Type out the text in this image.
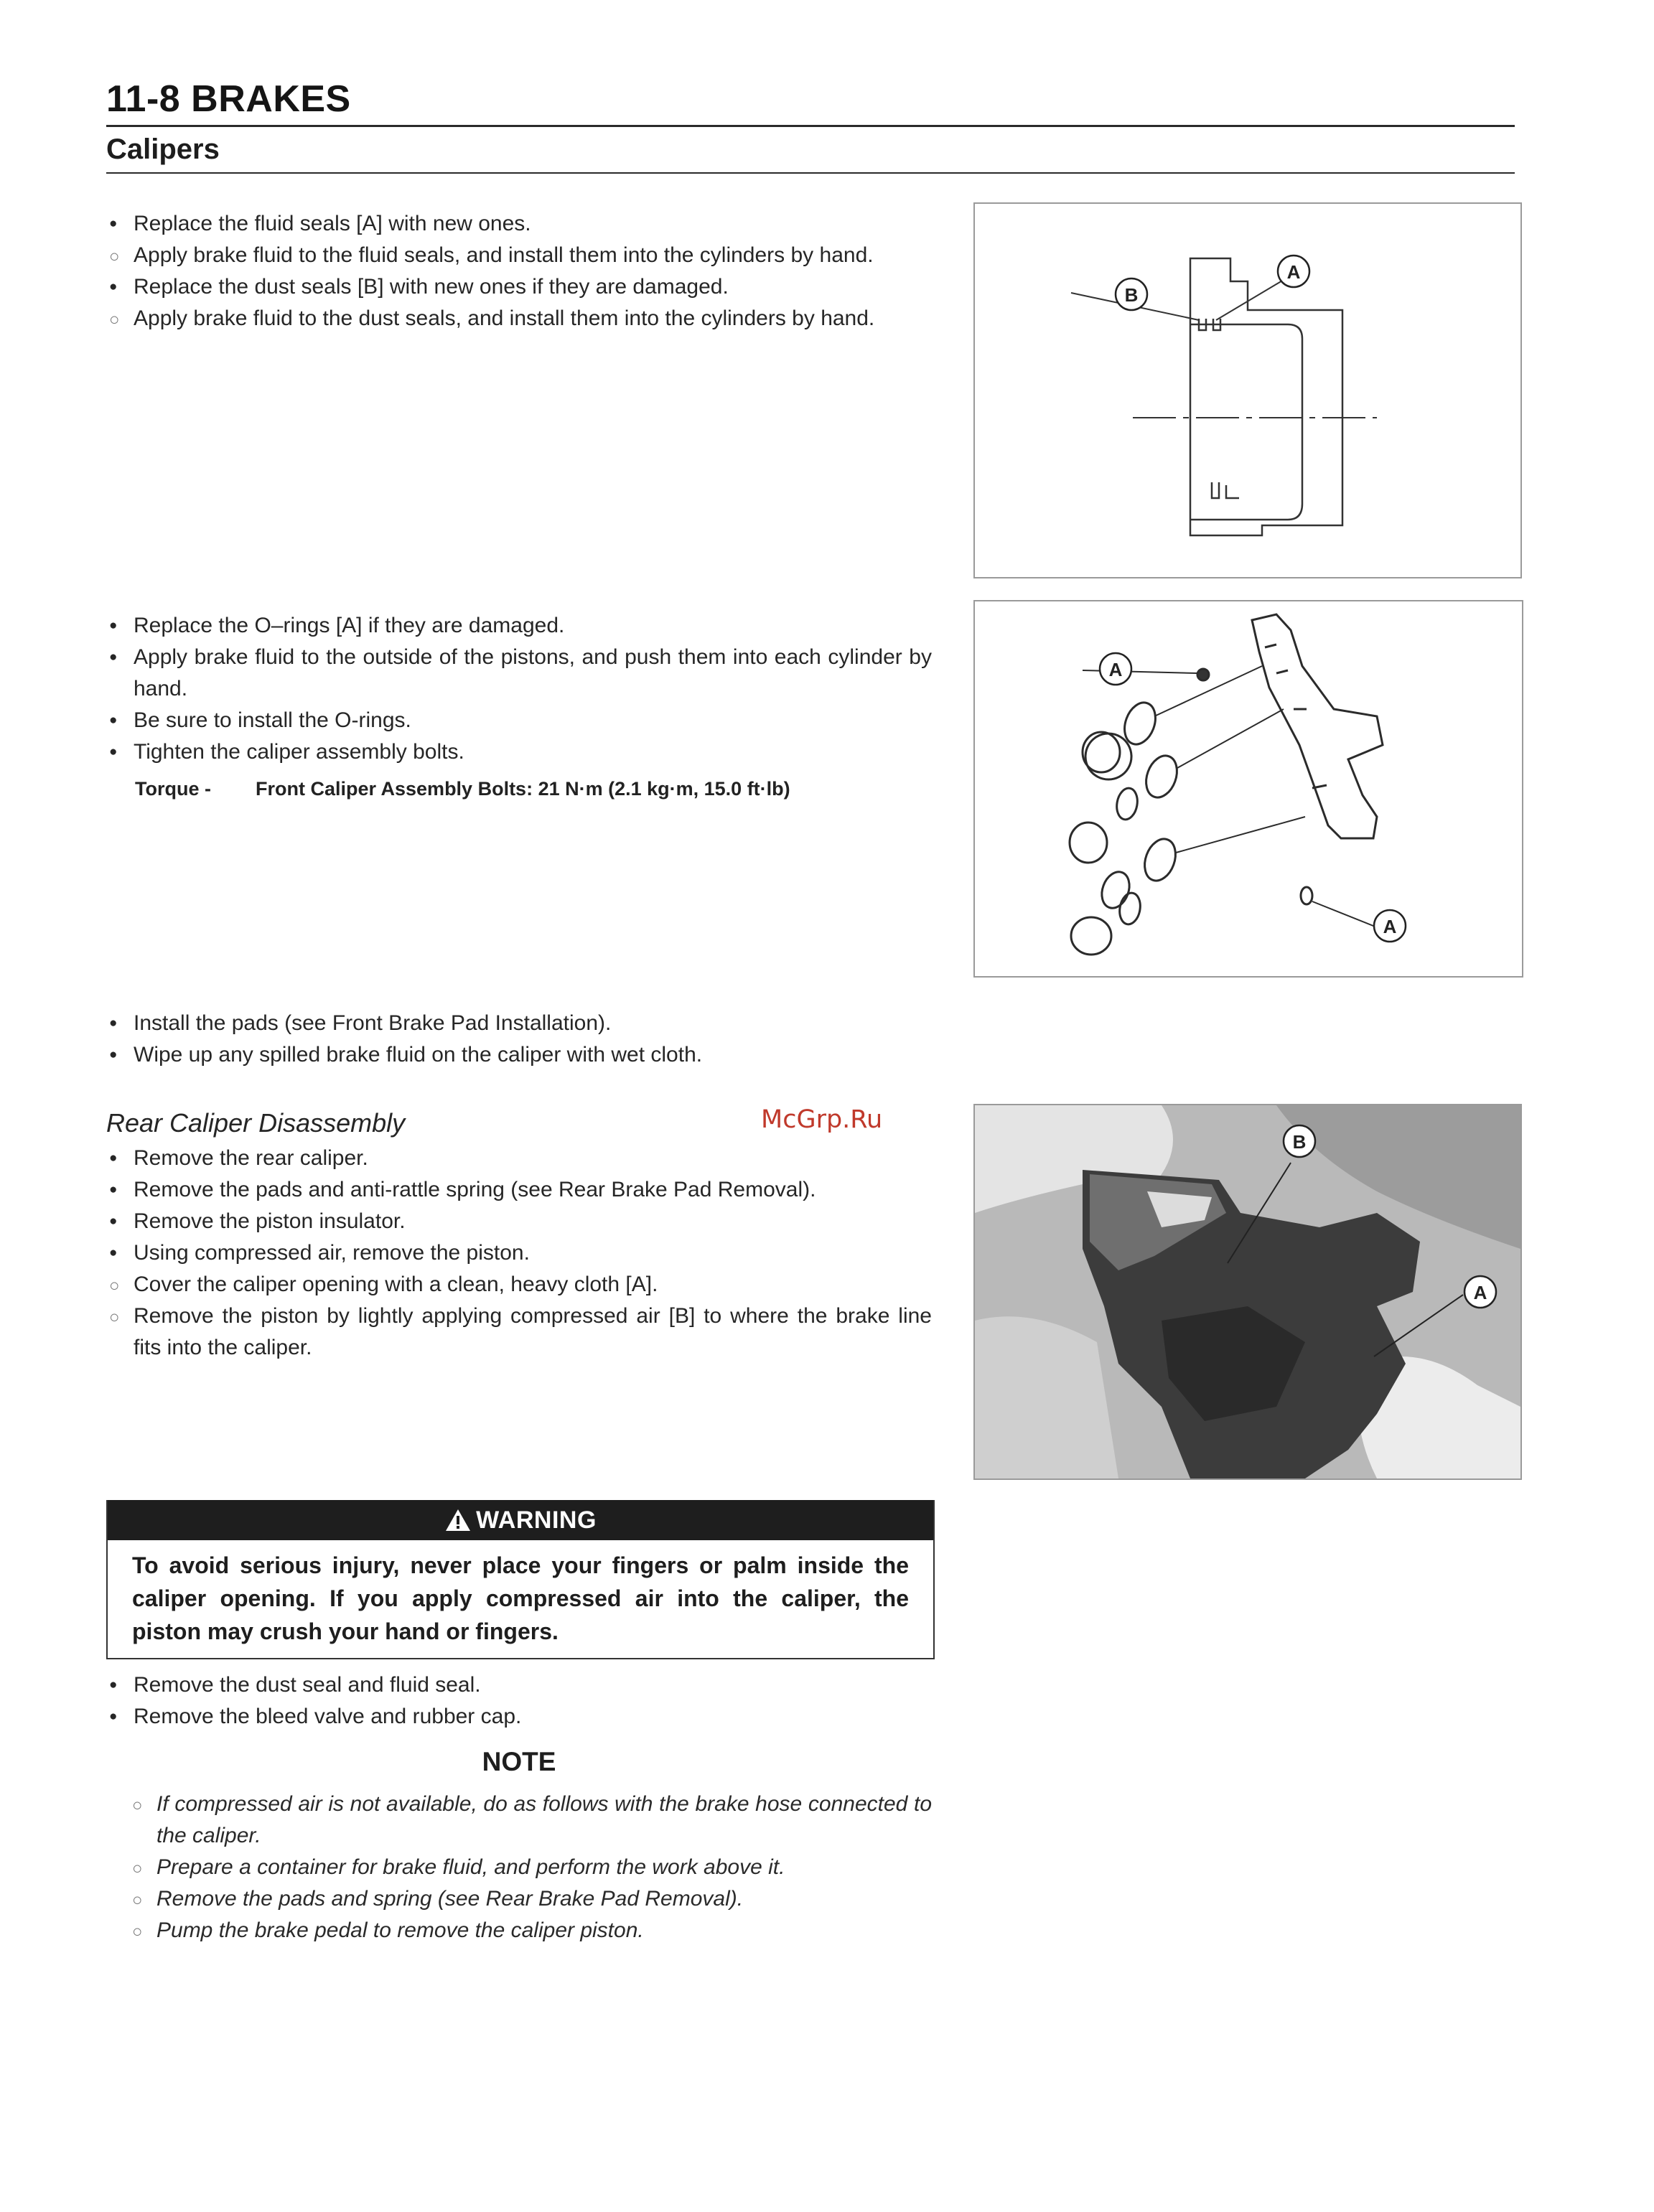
11-8 BRAKES
Calipers
●
Replace the fluid seals [A] with new ones.
○
Apply brake fluid to the fluid seals, and install them into the cylinders by hand.
●
Replace the dust seals [B] with new ones if they are damaged.
○
Apply brake fluid to the dust seals, and install them into the cylinders by hand.
●
Replace the O–rings [A] if they are damaged.
●
Apply brake fluid to the outside of the pistons, and push them into each cylinder by hand.
●
Be sure to install the O-rings.
●
Tighten the caliper assembly bolts.
Torque - Front Caliper Assembly Bolts: 21 N·m (2.1 kg·m, 15.0 ft·lb)
●
Install the pads (see Front Brake Pad Installation).
●
Wipe up any spilled brake fluid on the caliper with wet cloth.
Rear Caliper Disassembly	McGrp.Ru
●
Remove the rear caliper.
●
Remove the pads and anti-rattle spring (see Rear Brake Pad Removal).
●
Remove the piston insulator.
●
Using compressed air, remove the piston.
○
Cover the caliper opening with a clean, heavy cloth [A].
○
Remove the piston by lightly applying compressed air [B] to where the brake line fits into the caliper.
WARNING
To avoid serious injury, never place your fingers or palm inside the caliper opening. If you apply compressed air into the caliper, the piston may crush your hand or fingers.
●
Remove the dust seal and fluid seal.
●
Remove the bleed valve and rubber cap.
NOTE
○
If compressed air is not available, do as follows with the brake hose connected to the caliper.
○
Prepare a container for brake fluid, and perform the work above it.
○
Remove the pads and spring (see Rear Brake Pad Removal).
○
Pump the brake pedal to remove the caliper piston.
B
A
A
A
B
A
